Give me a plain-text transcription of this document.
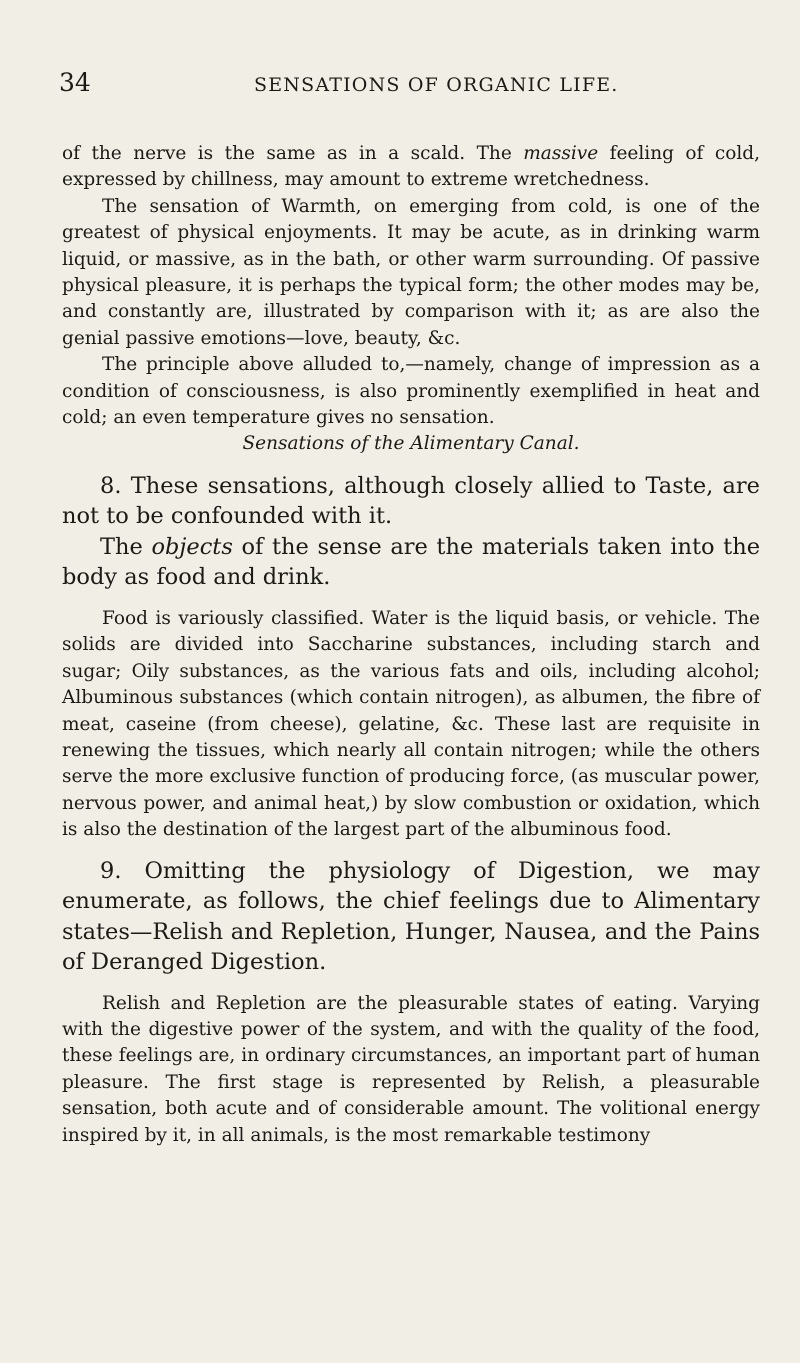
34	SENSATIONS OF ORGANIC LIFE.

of the nerve is the same as in a scald. The massive feeling of cold, expressed by chillness, may amount to extreme wretchedness.

The sensation of Warmth, on emerging from cold, is one of the greatest of physical enjoyments. It may be acute, as in drinking warm liquid, or massive, as in the bath, or other warm surrounding. Of passive physical pleasure, it is perhaps the typical form; the other modes may be, and constantly are, illustrated by comparison with it; as are also the genial passive emotions—love, beauty, &c.

The principle above alluded to,—namely, change of impression as a condition of consciousness, is also prominently exemplified in heat and cold; an even temperature gives no sensation.

Sensations of the Alimentary Canal.

8. These sensations, although closely allied to Taste, are not to be confounded with it.

The objects of the sense are the materials taken into the body as food and drink.

Food is variously classified. Water is the liquid basis, or vehicle. The solids are divided into Saccharine substances, including starch and sugar; Oily substances, as the various fats and oils, including alcohol; Albuminous substances (which contain nitrogen), as albumen, the fibre of meat, caseine (from cheese), gelatine, &c. These last are requisite in renewing the tissues, which nearly all contain nitrogen; while the others serve the more exclusive function of producing force, (as muscular power, nervous power, and animal heat,) by slow combustion or oxidation, which is also the destination of the largest part of the albuminous food.

9. Omitting the physiology of Digestion, we may enumerate, as follows, the chief feelings due to Alimentary states—Relish and Repletion, Hunger, Nausea, and the Pains of Deranged Digestion.

Relish and Repletion are the pleasurable states of eating. Varying with the digestive power of the system, and with the quality of the food, these feelings are, in ordinary circumstances, an important part of human pleasure. The first stage is represented by Relish, a pleasurable sensation, both acute and of considerable amount. The volitional energy inspired by it, in all animals, is the most remarkable testimony
